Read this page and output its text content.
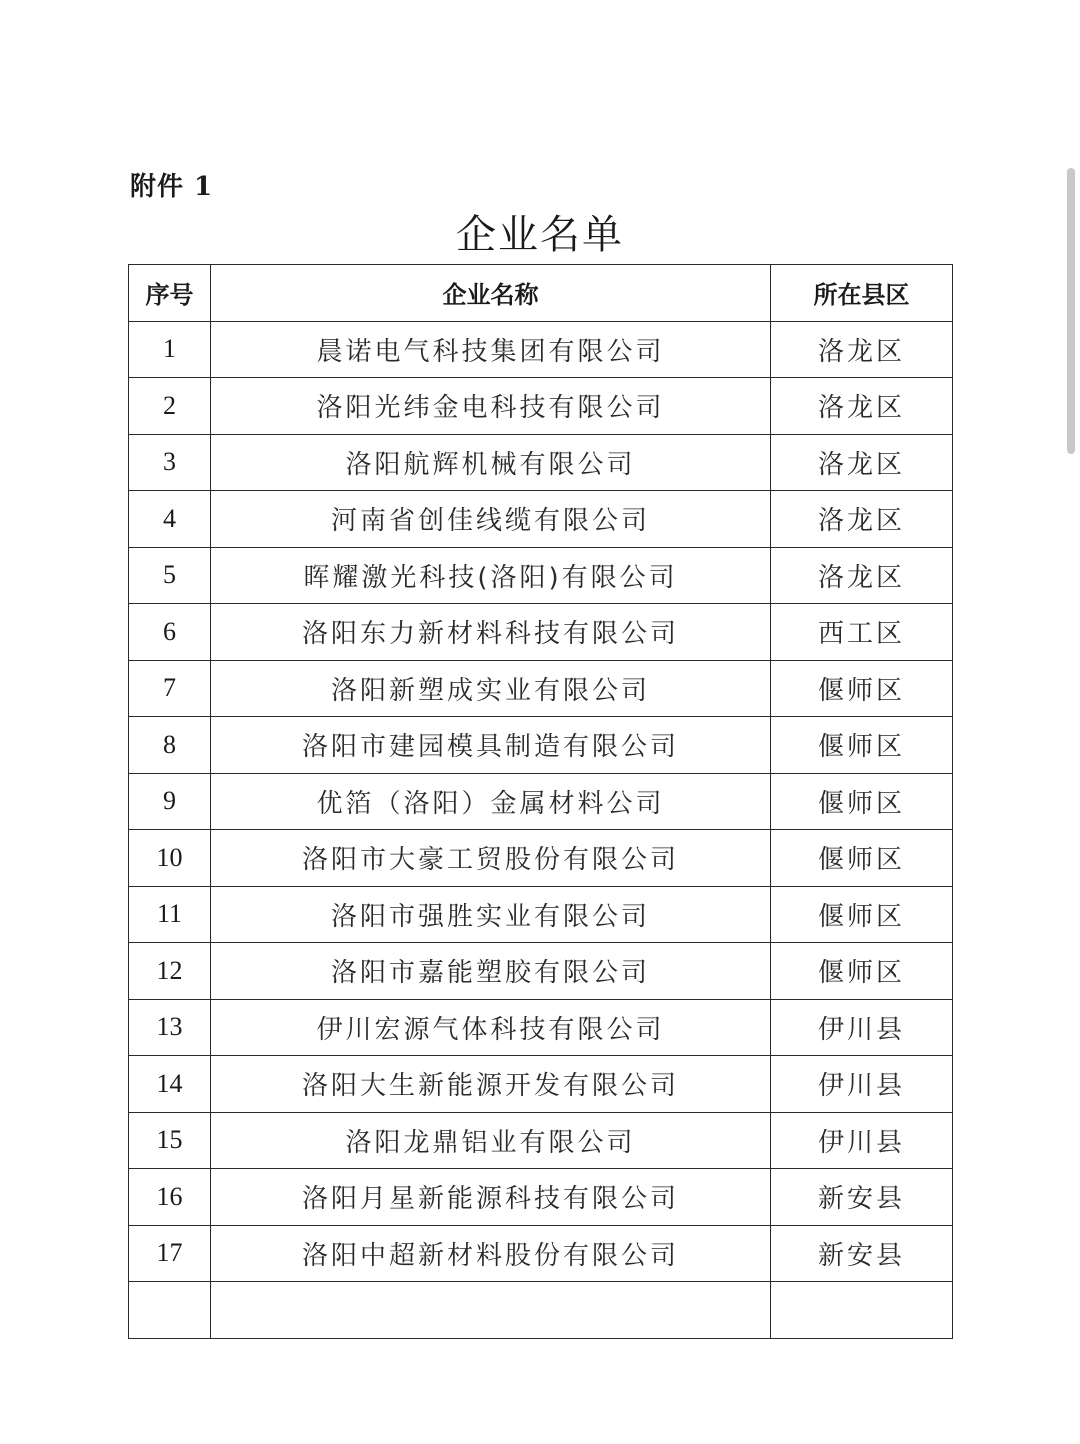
附件 1
企业名单
序号	企业名称	所在县区
1	晨诺电气科技集团有限公司	洛龙区
2	洛阳光纬金电科技有限公司	洛龙区
3	洛阳航辉机械有限公司	洛龙区
4	河南省创佳线缆有限公司	洛龙区
5	晖耀激光科技(洛阳)有限公司	洛龙区
6	洛阳东力新材料科技有限公司	西工区
7	洛阳新塑成实业有限公司	偃师区
8	洛阳市建园模具制造有限公司	偃师区
9	优箔（洛阳）金属材料公司	偃师区
10	洛阳市大豪工贸股份有限公司	偃师区
11	洛阳市强胜实业有限公司	偃师区
12	洛阳市嘉能塑胶有限公司	偃师区
13	伊川宏源气体科技有限公司	伊川县
14	洛阳大生新能源开发有限公司	伊川县
15	洛阳龙鼎铝业有限公司	伊川县
16	洛阳月星新能源科技有限公司	新安县
17	洛阳中超新材料股份有限公司	新安县
